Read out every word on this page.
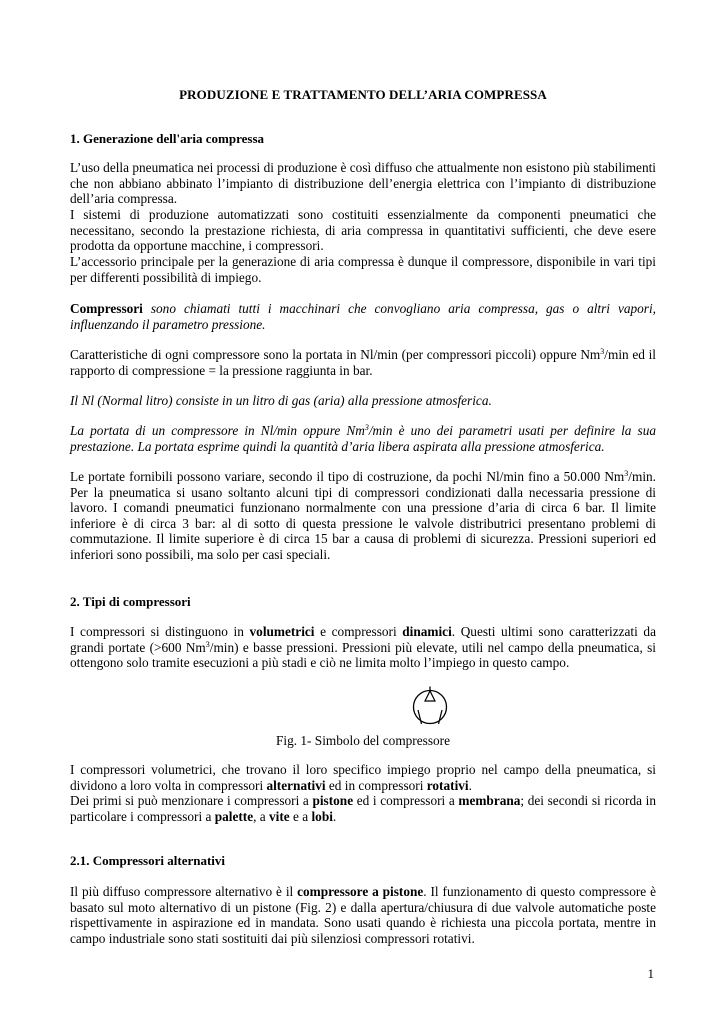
PRODUZIONE E TRATTAMENTO DELL’ARIA COMPRESSA
1. Generazione dell'aria compressa
L’uso della pneumatica nei processi di produzione è così diffuso che attualmente non esistono più stabilimenti che non abbiano abbinato l’impianto di distribuzione dell’energia elettrica con l’impianto di distribuzione dell’aria compressa.
I sistemi di produzione automatizzati sono costituiti essenzialmente da componenti pneumatici che necessitano, secondo la prestazione richiesta, di aria compressa in quantitativi sufficienti, che deve esere prodotta da opportune macchine, i compressori.
L’accessorio principale per la generazione di aria compressa è dunque il compressore, disponibile in vari tipi per differenti possibilità di impiego.
Compressori sono chiamati tutti i macchinari che convogliano aria compressa, gas o altri vapori, influenzando il parametro pressione.
Caratteristiche di ogni compressore sono la portata in Nl/min (per compressori piccoli) oppure Nm$^3$/min ed il rapporto di compressione = la pressione raggiunta in bar.
Il Nl (Normal litro) consiste in un litro di gas (aria) alla pressione atmosferica.
La portata di un compressore in Nl/min oppure Nm$^3$/min è uno dei parametri usati per definire la sua prestazione. La portata esprime quindi la quantità d’aria libera aspirata alla pressione atmosferica.
Le portate fornibili possono variare, secondo il tipo di costruzione, da pochi Nl/min fino a 50.000 Nm$^3$/min. Per la pneumatica si usano soltanto alcuni tipi di compressori condizionati dalla necessaria pressione di lavoro. I comandi pneumatici funzionano normalmente con una pressione d’aria di circa 6 bar. Il limite inferiore è di circa 3 bar: al di sotto di questa pressione le valvole distributrici presentano problemi di commutazione. Il limite superiore è di circa 15 bar a causa di problemi di sicurezza. Pressioni superiori ed inferiori sono possibili, ma solo per casi speciali.
2. Tipi di compressori
I compressori si distinguono in volumetrici e compressori dinamici. Questi ultimi sono caratterizzati da grandi portate (>600 Nm$^3$/min) e basse pressioni. Pressioni più elevate, utili nel campo della pneumatica, si ottengono solo tramite esecuzioni a più stadi e ciò ne limita molto l’impiego in questo campo.
Fig. 1- Simbolo del compressore
I compressori volumetrici, che trovano il loro specifico impiego proprio nel campo della pneumatica, si dividono a loro volta in compressori alternativi ed in compressori rotativi.
Dei primi si può menzionare i compressori a pistone ed i compressori a membrana; dei secondi si ricorda in particolare i compressori a palette, a vite e a lobi.
2.1. Compressori alternativi
Il più diffuso compressore alternativo è il compressore a pistone. Il funzionamento di questo compressore è basato sul moto alternativo di un pistone (Fig. 2) e dalla apertura/chiusura di due valvole automatiche poste rispettivamente in aspirazione ed in mandata. Sono usati quando è richiesta una piccola portata, mentre in campo industriale sono stati sostituiti dai più silenziosi compressori rotativi.
1
